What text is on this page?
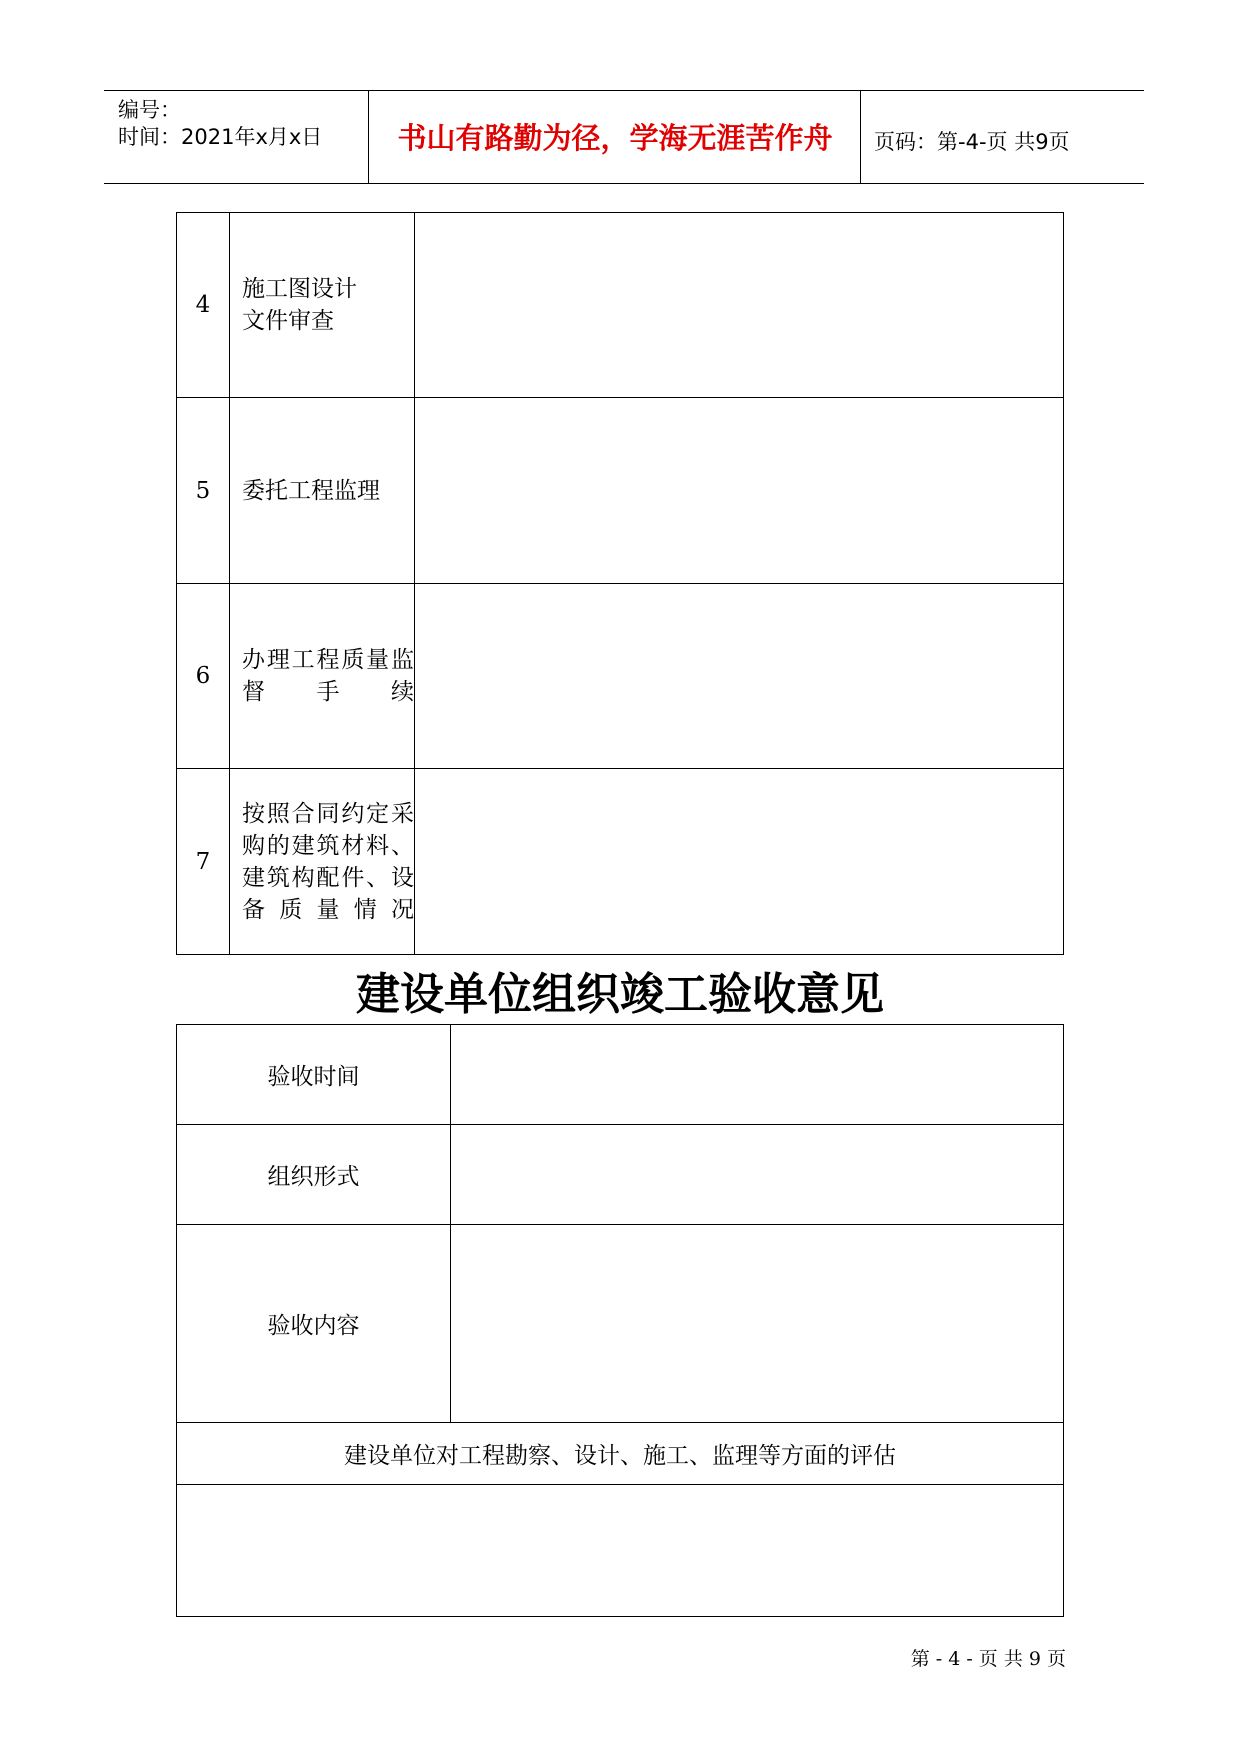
编号：
时间：2021年x月x日	书山有路勤为径，学海无涯苦作舟	页码：第-4-页 共9页
4	施工图设计文件审查	

5	委托工程监理	
6	办理工程质量监督手续	
7	按照合同约定采购的建筑材料、建筑构配件、设备质量情况	
建设单位组织竣工验收意见
验收时间	
组织形式	
验收内容	
建设单位对工程勘察、设计、施工、监理等方面的评估	

第 - 4 - 页 共 9 页
